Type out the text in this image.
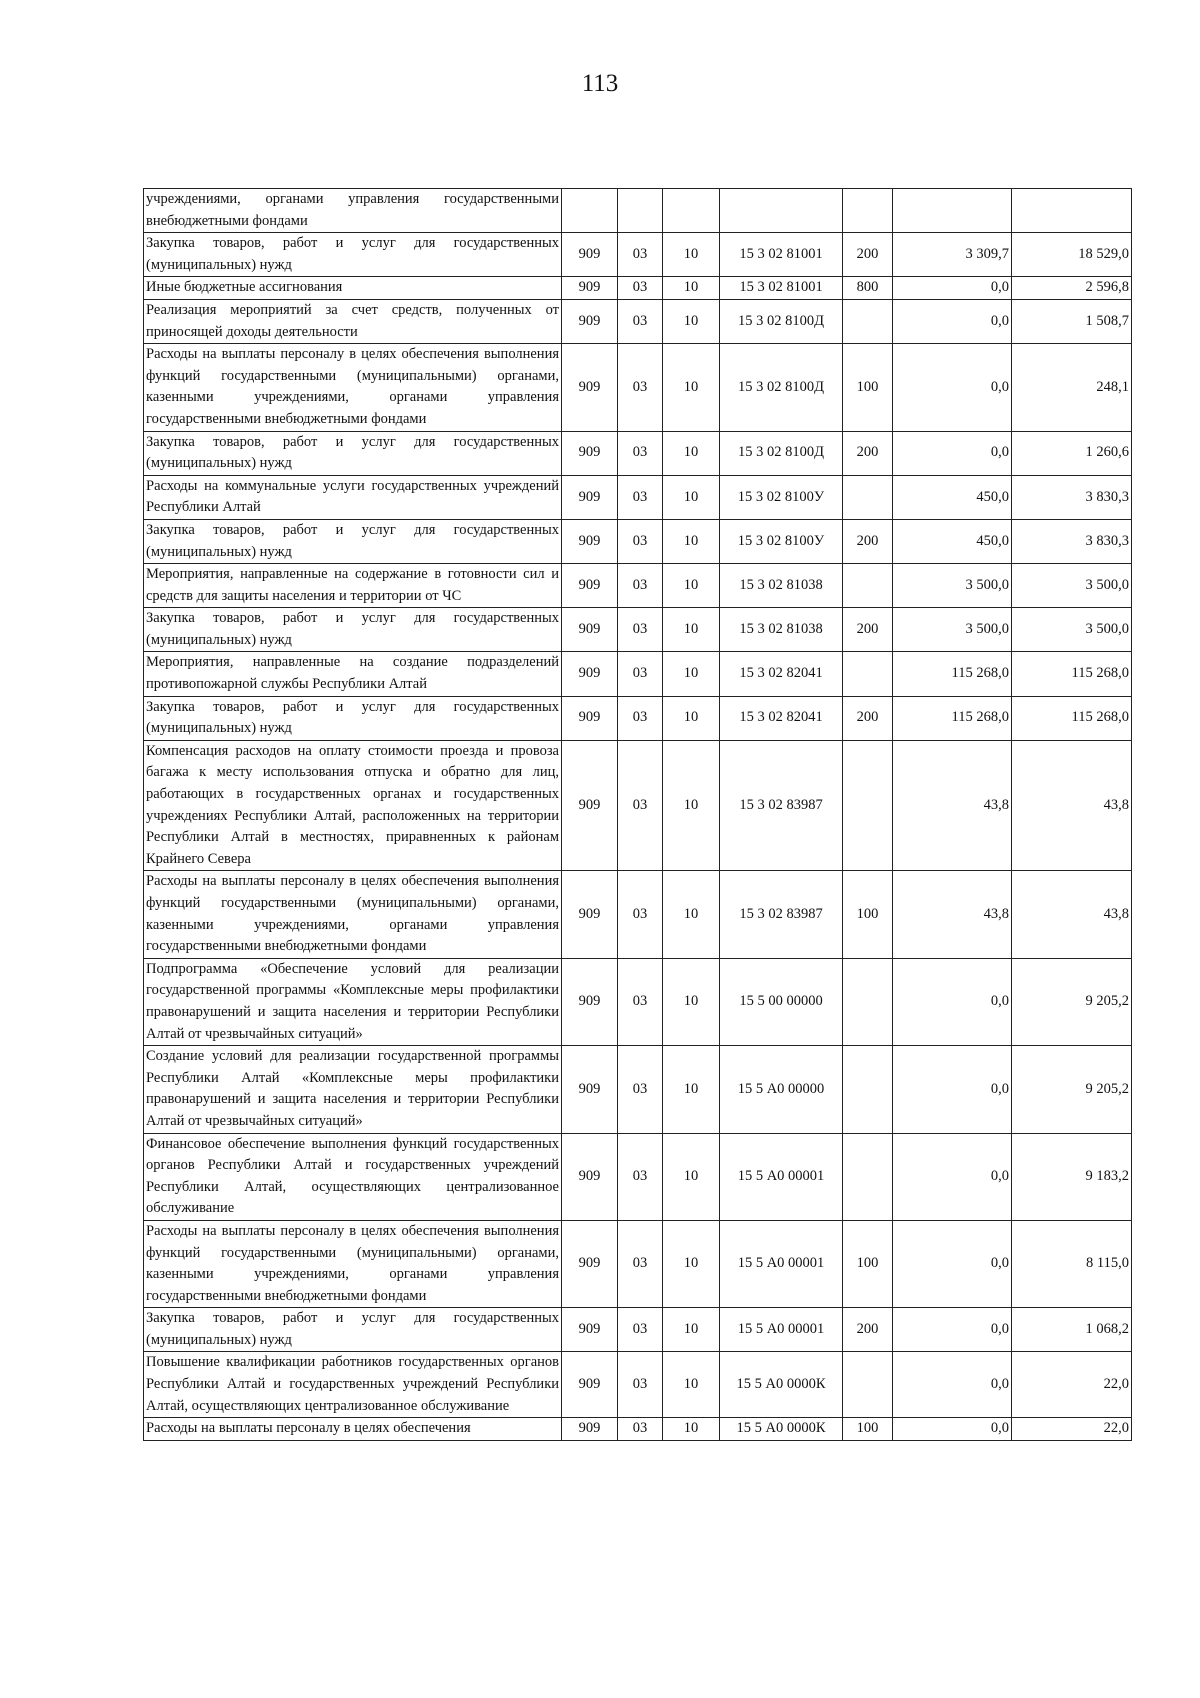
113
учреждениями, органами управления государственными внебюджетными фондами							
Закупка товаров, работ и услуг для государственных (муниципальных) нужд	909	03	10	15 3 02 81001	200	3 309,7	18 529,0
Иные бюджетные ассигнования	909	03	10	15 3 02 81001	800	0,0	2 596,8
Реализация мероприятий за счет средств, полученных от приносящей доходы деятельности	909	03	10	15 3 02 8100Д		0,0	1 508,7
Расходы на выплаты персоналу в целях обеспечения выполнения функций государственными (муниципальными) органами, казенными учреждениями, органами управления государственными внебюджетными фондами	909	03	10	15 3 02 8100Д	100	0,0	248,1
Закупка товаров, работ и услуг для государственных (муниципальных) нужд	909	03	10	15 3 02 8100Д	200	0,0	1 260,6
Расходы на коммунальные услуги государственных учреждений Республики Алтай	909	03	10	15 3 02 8100У		450,0	3 830,3
Закупка товаров, работ и услуг для государственных (муниципальных) нужд	909	03	10	15 3 02 8100У	200	450,0	3 830,3
Мероприятия, направленные на содержание в готовности сил и средств для защиты населения и территории от ЧС	909	03	10	15 3 02 81038		3 500,0	3 500,0
Закупка товаров, работ и услуг для государственных (муниципальных) нужд	909	03	10	15 3 02 81038	200	3 500,0	3 500,0
Мероприятия, направленные на создание подразделений противопожарной службы Республики Алтай	909	03	10	15 3 02 82041		115 268,0	115 268,0
Закупка товаров, работ и услуг для государственных (муниципальных) нужд	909	03	10	15 3 02 82041	200	115 268,0	115 268,0
Компенсация расходов на оплату стоимости проезда и провоза багажа к месту использования отпуска и обратно для лиц, работающих в государственных органах и государственных учреждениях Республики Алтай, расположенных на территории Республики Алтай в местностях, приравненных к районам Крайнего Севера	909	03	10	15 3 02 83987		43,8	43,8
Расходы на выплаты персоналу в целях обеспечения выполнения функций государственными (муниципальными) органами, казенными учреждениями, органами управления государственными внебюджетными фондами	909	03	10	15 3 02 83987	100	43,8	43,8
Подпрограмма «Обеспечение условий для реализации государственной программы «Комплексные меры профилактики правонарушений и защита населения и территории Республики Алтай от чрезвычайных ситуаций»	909	03	10	15 5 00 00000		0,0	9 205,2
Создание условий для реализации государственной программы Республики Алтай «Комплексные меры профилактики правонарушений и защита населения и территории Республики Алтай от чрезвычайных ситуаций»	909	03	10	15 5 А0 00000		0,0	9 205,2
Финансовое обеспечение выполнения функций государственных органов Республики Алтай и государственных учреждений Республики Алтай, осуществляющих централизованное обслуживание	909	03	10	15 5 А0 00001		0,0	9 183,2
Расходы на выплаты персоналу в целях обеспечения выполнения функций государственными (муниципальными) органами, казенными учреждениями, органами управления государственными внебюджетными фондами	909	03	10	15 5 А0 00001	100	0,0	8 115,0
Закупка товаров, работ и услуг для государственных (муниципальных) нужд	909	03	10	15 5 А0 00001	200	0,0	1 068,2
Повышение квалификации работников государственных органов Республики Алтай и государственных учреждений Республики Алтай, осуществляющих централизованное обслуживание	909	03	10	15 5 А0 0000К		0,0	22,0
Расходы на выплаты персоналу в целях обеспечения	909	03	10	15 5 А0 0000К	100	0,0	22,0
